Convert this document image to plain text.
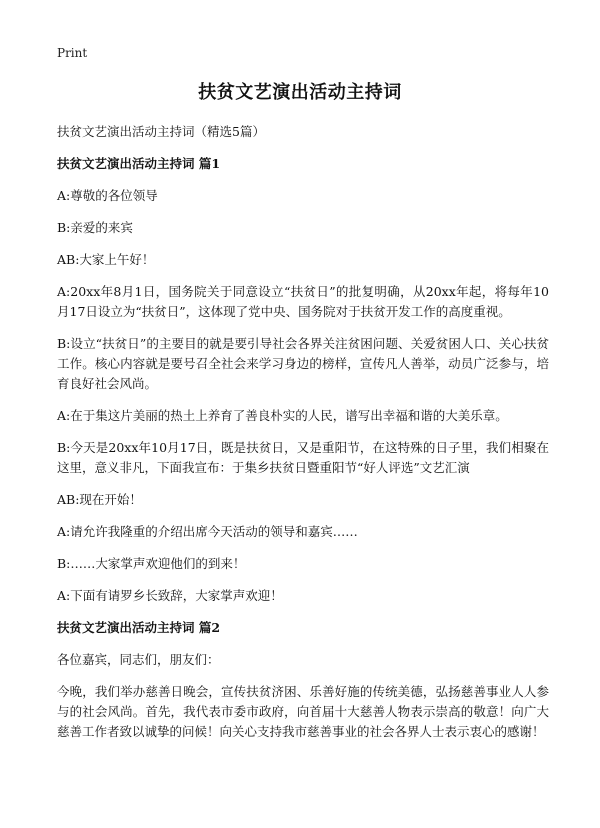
Print
扶贫文艺演出活动主持词

扶贫文艺演出活动主持词（精选5篇）

扶贫文艺演出活动主持词 篇1

A:尊敬的各位领导

B:亲爱的来宾

AB:大家上午好！

A:20xx年8月1日，国务院关于同意设立“扶贫日”的批复明确，从20xx年起，将每年10月17日设立为“扶贫日”，这体现了党中央、国务院对于扶贫开发工作的高度重视。

B:设立“扶贫日”的主要目的就是要引导社会各界关注贫困问题、关爱贫困人口、关心扶贫工作。核心内容就是要号召全社会来学习身边的榜样，宣传凡人善举，动员广泛参与，培育良好社会风尚。

A:在于集这片美丽的热土上养育了善良朴实的人民，谱写出幸福和谐的大美乐章。

B:今天是20xx年10月17日，既是扶贫日，又是重阳节，在这特殊的日子里，我们相聚在这里，意义非凡，下面我宣布：于集乡扶贫日暨重阳节“好人评选”文艺汇演

AB:现在开始！

A:请允许我隆重的介绍出席今天活动的领导和嘉宾……

B:……大家掌声欢迎他们的到来！

A:下面有请罗乡长致辞，大家掌声欢迎！

扶贫文艺演出活动主持词 篇2

各位嘉宾，同志们，朋友们：

今晚，我们举办慈善日晚会，宣传扶贫济困、乐善好施的传统美德，弘扬慈善事业人人参与的社会风尚。首先，我代表市委市政府，向首届十大慈善人物表示崇高的敬意！向广大慈善工作者致以诚挚的问候！向关心支持我市慈善事业的社会各界人士表示衷心的感谢！
